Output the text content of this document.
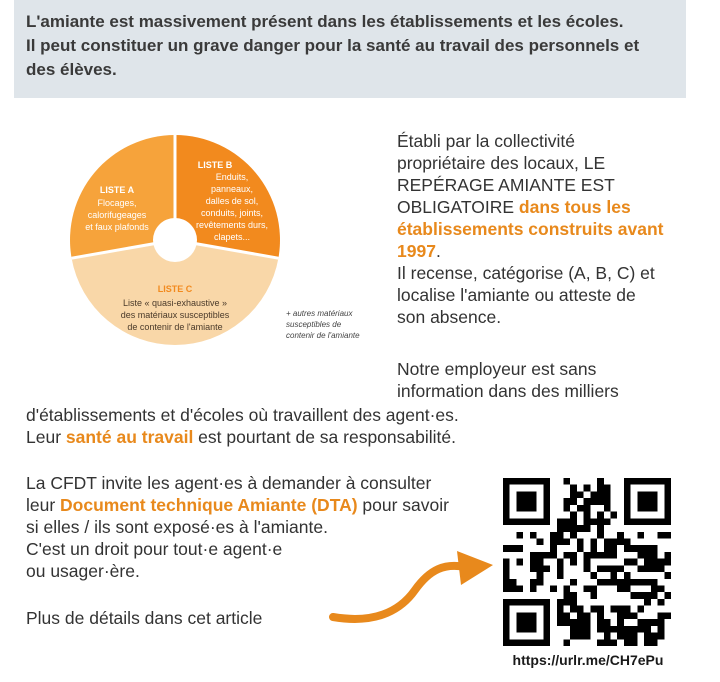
L'amiante est massivement présent dans les établissements et les écoles.
Il peut constituer un grave danger pour la santé au travail des personnels et
des élèves.

LISTE A
Flocages,
calorifugeages
et faux plafonds
LISTE B
Enduits,
panneaux,
dalles de sol,
conduits, joints,
revêtements durs,
clapets...
LISTE C
Liste « quasi-exhaustive »
des matériaux susceptibles
de contenir de l'amiante
+ autres matériaux
susceptibles de
contenir de l'amiante

Établi par la collectivité
propriétaire des locaux, LE
REPÉRAGE AMIANTE EST
OBLIGATOIRE dans tous les
établissements construits avant
1997.
Il recense, catégorise (A, B, C) et
localise l'amiante ou atteste de
son absence.

Notre employeur est sans
information dans des milliers

d'établissements et d'écoles où travaillent des agent·es.
Leur santé au travail est pourtant de sa responsabilité.

La CFDT invite les agent·es à demander à consulter
leur Document technique Amiante (DTA) pour savoir
si elles / ils sont exposé·es à l'amiante.
C'est un droit pour tout·e agent·e
ou usager·ère.

Plus de détails dans cet article

https://urlr.me/CH7ePu
